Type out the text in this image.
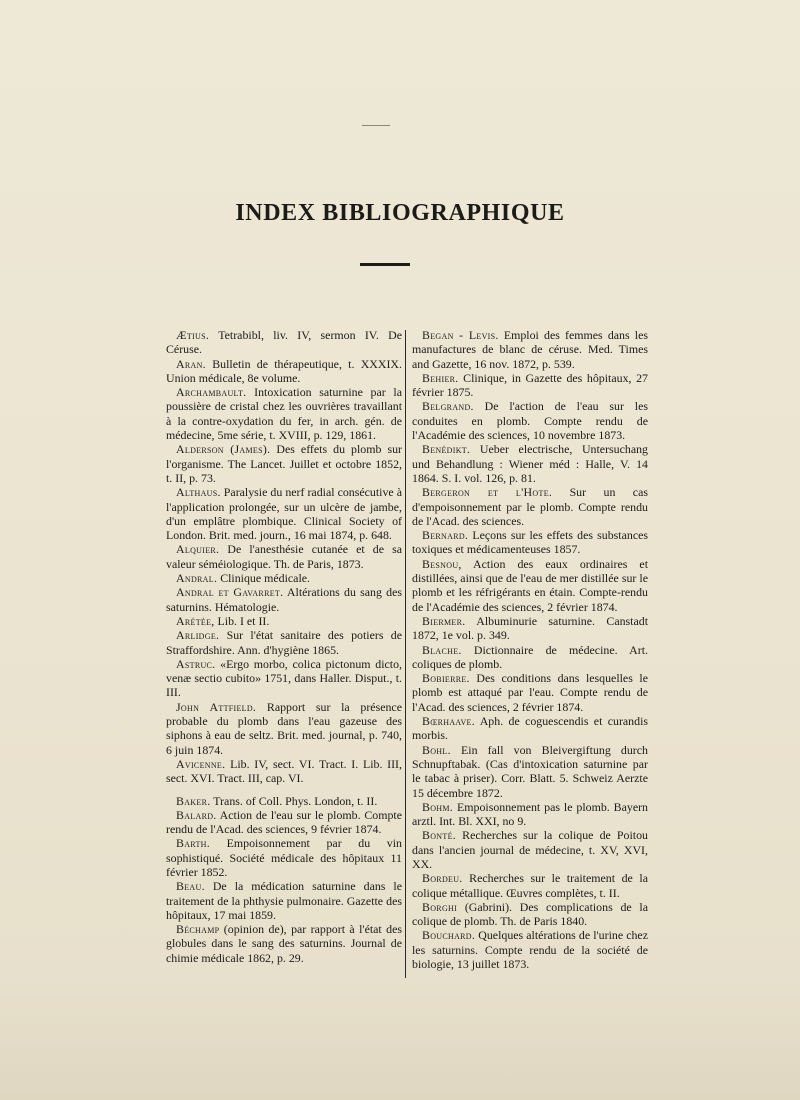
INDEX BIBLIOGRAPHIQUE

Ætius. Tetrabibl, liv. IV, sermon IV. De Céruse.

Aran. Bulletin de thérapeutique, t. XXXIX. Union médicale, 8e volume.

Archambault. Intoxication saturnine par la poussière de cristal chez les ouvrières travaillant à la contre-oxydation du fer, in arch. gén. de médecine, 5me série, t. XVIII, p. 129, 1861.

Alderson (James). Des effets du plomb sur l'organisme. The Lancet. Juillet et octobre 1852, t. II, p. 73.

Althaus. Paralysie du nerf radial consécutive à l'application prolongée, sur un ulcère de jambe, d'un emplâtre plombique. Clinical Society of London. Brit. med. journ., 16 mai 1874, p. 648.

Alquier. De l'anesthésie cutanée et de sa valeur séméiologique. Th. de Paris, 1873.

Andral. Clinique médicale.

Andral et Gavarret. Altérations du sang des saturnins. Hématologie.

Arétée, Lib. I et II.

Arlidge. Sur l'état sanitaire des potiers de Straffordshire. Ann. d'hygiène 1865.

Astruc. «Ergo morbo, colica pictonum dicto, venæ sectio cubito» 1751, dans Haller. Disput., t. III.

John Attfield. Rapport sur la présence probable du plomb dans l'eau gazeuse des siphons à eau de seltz. Brit. med. journal, p. 740, 6 juin 1874.

Avicenne. Lib. IV, sect. VI. Tract. I. Lib. III, sect. XVI. Tract. III, cap. VI.

Baker. Trans. of Coll. Phys. London, t. II.

Balard. Action de l'eau sur le plomb. Compte rendu de l'Acad. des sciences, 9 février 1874.

Barth. Empoisonnement par du vin sophistiqué. Société médicale des hôpitaux 11 février 1852.

Beau. De la médication saturnine dans le traitement de la phthysie pulmonaire. Gazette des hôpitaux, 17 mai 1859.

Béchamp (opinion de), par rapport à l'état des globules dans le sang des saturnins. Journal de chimie médicale 1862, p. 29.

Began - Levis. Emploi des femmes dans les manufactures de blanc de céruse. Med. Times and Gazette, 16 nov. 1872, p. 539.

Behier. Clinique, in Gazette des hôpitaux, 27 février 1875.

Belgrand. De l'action de l'eau sur les conduites en plomb. Compte rendu de l'Académie des sciences, 10 novembre 1873.

Benédikt. Ueber electrische, Untersuchang und Behandlung : Wiener méd : Halle, V. 14 1864. S. I. vol. 126, p. 81.

Bergeron et l'Hote. Sur un cas d'empoisonnement par le plomb. Compte rendu de l'Acad. des sciences.

Bernard. Leçons sur les effets des substances toxiques et médicamenteuses 1857.

Besnou, Action des eaux ordinaires et distillées, ainsi que de l'eau de mer distillée sur le plomb et les réfrigérants en étain. Compte-rendu de l'Académie des sciences, 2 février 1874.

Biermer. Albuminurie saturnine. Canstadt 1872, 1e vol. p. 349.

Blache. Dictionnaire de médecine. Art. coliques de plomb.

Bobierre. Des conditions dans lesquelles le plomb est attaqué par l'eau. Compte rendu de l'Acad. des sciences, 2 février 1874.

Bœrhaave. Aph. de coguescendis et curandis morbis.

Bohl. Ein fall von Bleivergiftung durch Schnupftabak. (Cas d'intoxication saturnine par le tabac à priser). Corr. Blatt. 5. Schweiz Aerzte 15 décembre 1872.

Bohm. Empoisonnement pas le plomb. Bayern arztl. Int. Bl. XXI, no 9.

Bonté. Recherches sur la colique de Poitou dans l'ancien journal de médecine, t. XV, XVI, XX.

Bordeu. Recherches sur le traitement de la colique métallique. Œuvres complètes, t. II.

Borghi (Gabrini). Des complications de la colique de plomb. Th. de Paris 1840.

Bouchard. Quelques altérations de l'urine chez les saturnins. Compte rendu de la société de biologie, 13 juillet 1873.
